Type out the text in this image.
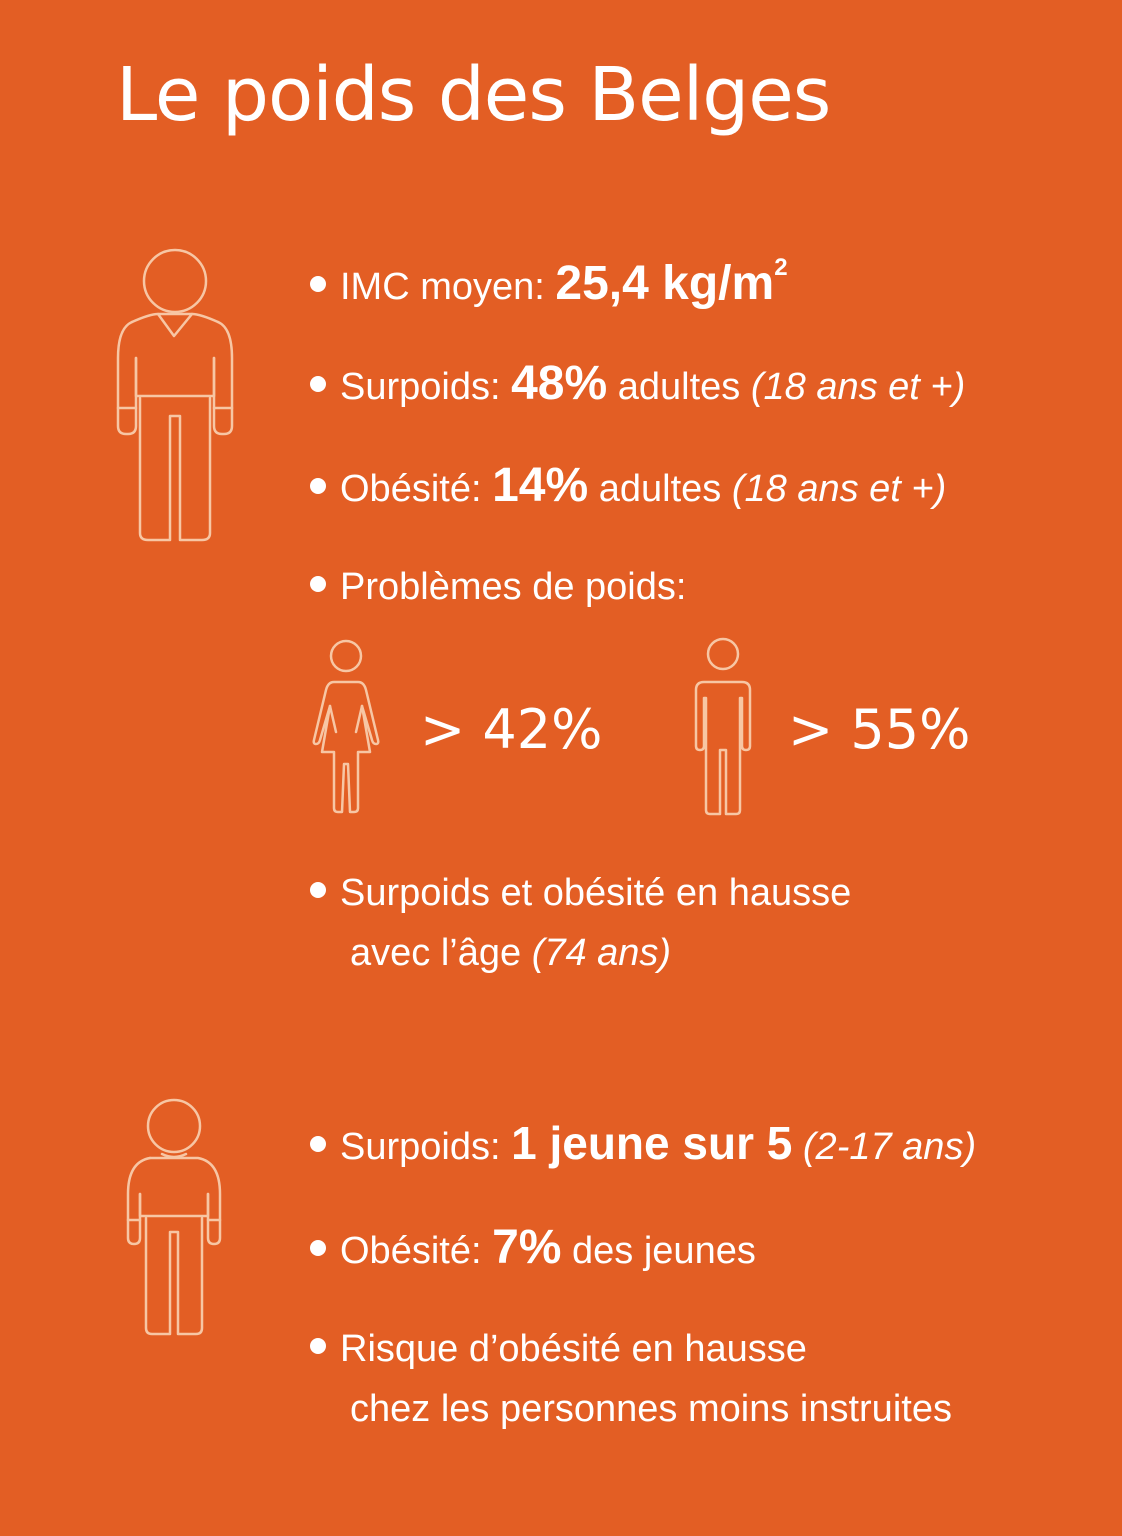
Le poids des Belges
IMC moyen: 25,4 $kg/m^2$
Surpoids: 48% adultes (18 ans et +)
Obésité: 14% adultes (18 ans et +)
Problèmes de poids:
> 42%	> 55%
Surpoids et obésité en hausse
avec l’âge (74 ans)
Surpoids: 1 jeune sur 5 (2-17 ans)
Obésité: 7% des jeunes
Risque d’obésité en hausse
chez les personnes moins instruites
